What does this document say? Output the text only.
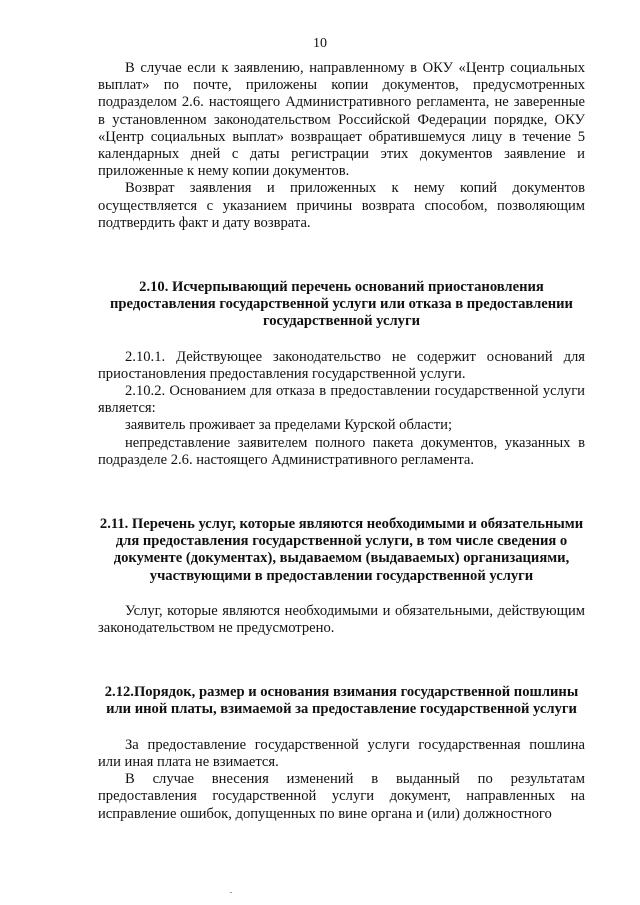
10

В случае если к заявлению, направленному в ОКУ «Центр социальных выплат» по почте, приложены копии документов, предусмотренных подразделом 2.6. настоящего Административного регламента, не заверенные в установленном законодательством Российской Федерации порядке, ОКУ «Центр социальных выплат» возвращает обратившемуся лицу в течение 5 календарных дней с даты регистрации этих документов заявление и приложенные к нему копии документов.

Возврат заявления и приложенных к нему копий документов осуществляется с указанием причины возврата способом, позволяющим подтвердить факт и дату возврата.

2.10. Исчерпывающий перечень оснований приостановления предоставления государственной услуги или отказа в предоставлении государственной услуги

2.10.1. Действующее законодательство не содержит оснований для приостановления предоставления государственной услуги.

2.10.2. Основанием для отказа в предоставлении государственной услуги является:

заявитель проживает за пределами Курской области;

непредставление заявителем полного пакета документов, указанных в подразделе 2.6. настоящего Административного регламента.

2.11. Перечень услуг, которые являются необходимыми и обязательными для предоставления государственной услуги, в том числе сведения о документе (документах), выдаваемом (выдаваемых) организациями, участвующими в предоставлении государственной услуги

Услуг, которые являются необходимыми и обязательными, действующим законодательством не предусмотрено.

2.12.Порядок, размер и основания взимания государственной пошлины или иной платы, взимаемой за предоставление государственной услуги

За предоставление государственной услуги государственная пошлина или иная плата не взимается.

В случае внесения изменений в выданный по результатам предоставления государственной услуги документ, направленных на исправление ошибок, допущенных по вине органа и (или) должностного
